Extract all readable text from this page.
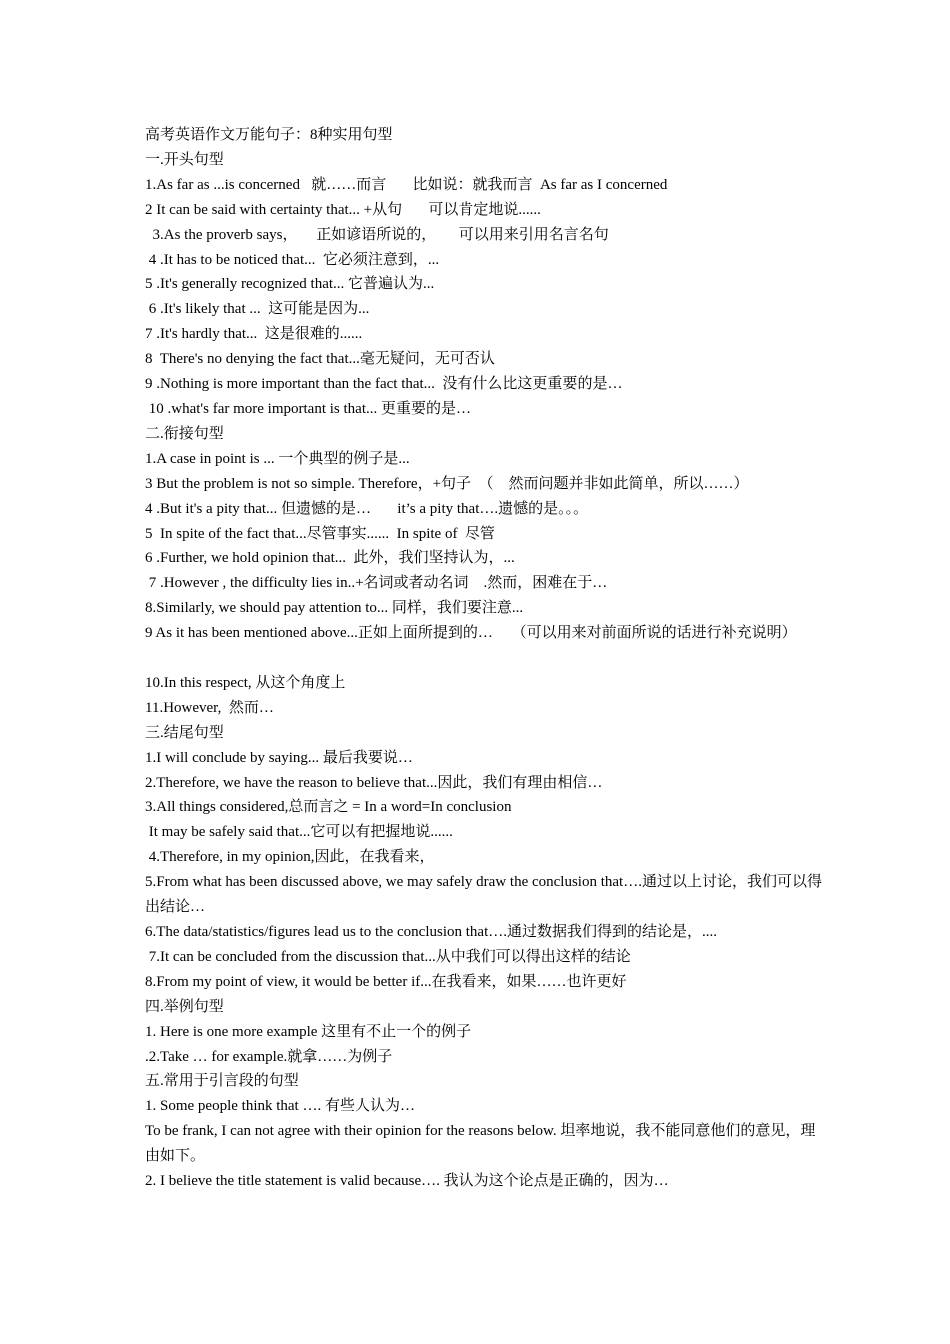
高考英语作文万能句子：8种实用句型

一.开头句型

1.As far as ...is concerned   就……而言       比如说：就我而言  As far as I concerned

2 It can be said with certainty that... +从句       可以肯定地说......

3.As the proverb says，     正如谚语所说的，      可以用来引用名言名句

4 .It has to be noticed that...  它必须注意到，...

5 .It's generally recognized that... 它普遍认为...

6 .It's likely that ...  这可能是因为...

7 .It's hardly that...  这是很难的......

8  There's no denying the fact that...毫无疑问，无可否认

9 .Nothing is more important than the fact that...  没有什么比这更重要的是…

10 .what's far more important is that... 更重要的是…

二.衔接句型

1.A case in point is ... 一个典型的例子是...

3 But the problem is not so simple. Therefore，+句子  （    然而问题并非如此简单，所以……）

4 .But it's a pity that... 但遗憾的是…       it’s a pity that….遗憾的是。。。

5  In spite of the fact that...尽管事实......  In spite of  尽管

6 .Further, we hold opinion that...  此外，我们坚持认为，...

7 .However , the difficulty lies in..+名词或者动名词    .然而，困难在于…

8.Similarly, we should pay attention to... 同样，我们要注意...

9 As it has been mentioned above...正如上面所提到的…     （可以用来对前面所说的话进行补充说明）

10.In this respect, 从这个角度上

11.However,  然而…

三.结尾句型

1.I will conclude by saying... 最后我要说…

2.Therefore, we have the reason to believe that...因此，我们有理由相信…

3.All things considered,总而言之 = In a word=In conclusion

It may be safely said that...它可以有把握地说......

4.Therefore, in my opinion,因此，在我看来，

5.From what has been discussed above, we may safely draw the conclusion that….通过以上讨论，我们可以得出结论…

6.The data/statistics/figures lead us to the conclusion that….通过数据我们得到的结论是，....

7.It can be concluded from the discussion that...从中我们可以得出这样的结论

8.From my point of view, it would be better if...在我看来，如果……也许更好

四.举例句型

1. Here is one more example 这里有不止一个的例子

.2.Take … for example.就拿……为例子

五.常用于引言段的句型

1. Some people think that …. 有些人认为…

To be frank, I can not agree with their opinion for the reasons below. 坦率地说，我不能同意他们的意见，理由如下。

2. I believe the title statement is valid because…. 我认为这个论点是正确的，因为…
